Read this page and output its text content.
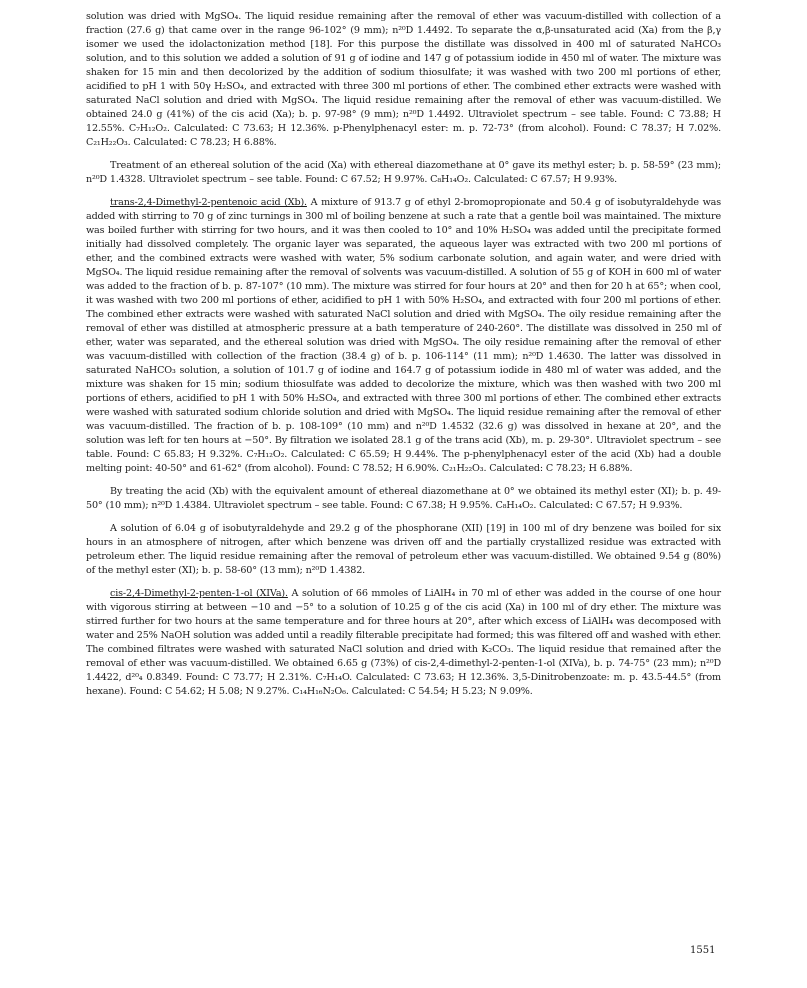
solution was dried with MgSO₄. The liquid residue remaining after the removal of ether was vacuum-distilled with collection of a fraction (27.6 g) that came over in the range 96-102° (9 mm); n²⁰D 1.4492. To separate the α,β-unsaturated acid (Xa) from the β,γ isomer we used the idolactonization method [18]. For this purpose the distillate was dissolved in 400 ml of saturated NaHCO₃ solution, and to this solution we added a solution of 91 g of iodine and 147 g of potassium iodide in 450 ml of water. The mixture was shaken for 15 min and then decolorized by the addition of sodium thiosulfate; it was washed with two 200 ml portions of ether, acidified to pH 1 with 50γ H₂SO₄, and extracted with three 300 ml portions of ether. The combined ether extracts were washed with saturated NaCl solution and dried with MgSO₄. The liquid residue remaining after the removal of ether was vacuum-distilled. We obtained 24.0 g (41%) of the cis acid (Xa); b. p. 97-98° (9 mm); n²⁰D 1.4492. Ultraviolet spectrum – see table. Found: C 73.88; H 12.55%. C₇H₁₂O₂. Calculated: C 73.63; H 12.36%. p-Phenylphenacyl ester: m. p. 72-73° (from alcohol). Found: C 78.37; H 7.02%. C₂₁H₂₂O₃. Calculated: C 78.23; H 6.88%.

Treatment of an ethereal solution of the acid (Xa) with ethereal diazomethane at 0° gave its methyl ester; b. p. 58-59° (23 mm); n²⁰D 1.4328. Ultraviolet spectrum – see table. Found: C 67.52; H 9.97%. C₈H₁₄O₂. Calculated: C 67.57; H 9.93%.

trans-2,4-Dimethyl-2-pentenoic acid (Xb). A mixture of 913.7 g of ethyl 2-bromopropionate and 50.4 g of isobutyraldehyde was added with stirring to 70 g of zinc turnings in 300 ml of boiling benzene at such a rate that a gentle boil was maintained. The mixture was boiled further with stirring for two hours, and it was then cooled to 10° and 10% H₂SO₄ was added until the precipitate formed initially had dissolved completely. The organic layer was separated, the aqueous layer was extracted with two 200 ml portions of ether, and the combined extracts were washed with water, 5% sodium carbonate solution, and again water, and were dried with MgSO₄. The liquid residue remaining after the removal of solvents was vacuum-distilled. A solution of 55 g of KOH in 600 ml of water was added to the fraction of b. p. 87-107° (10 mm). The mixture was stirred for four hours at 20° and then for 20 h at 65°; when cool, it was washed with two 200 ml portions of ether, acidified to pH 1 with 50% H₂SO₄, and extracted with four 200 ml portions of ether. The combined ether extracts were washed with saturated NaCl solution and dried with MgSO₄. The oily residue remaining after the removal of ether was distilled at atmospheric pressure at a bath temperature of 240-260°. The distillate was dissolved in 250 ml of ether, water was separated, and the ethereal solution was dried with MgSO₄. The oily residue remaining after the removal of ether was vacuum-distilled with collection of the fraction (38.4 g) of b. p. 106-114° (11 mm); n²⁰D 1.4630. The latter was dissolved in saturated NaHCO₃ solution, a solution of 101.7 g of iodine and 164.7 g of potassium iodide in 480 ml of water was added, and the mixture was shaken for 15 min; sodium thiosulfate was added to decolorize the mixture, which was then washed with two 200 ml portions of ethers, acidified to pH 1 with 50% H₂SO₄, and extracted with three 300 ml portions of ether. The combined ether extracts were washed with saturated sodium chloride solution and dried with MgSO₄. The liquid residue remaining after the removal of ether was vacuum-distilled. The fraction of b. p. 108-109° (10 mm) and n²⁰D 1.4532 (32.6 g) was dissolved in hexane at 20°, and the solution was left for ten hours at −50°. By filtration we isolated 28.1 g of the trans acid (Xb), m. p. 29-30°. Ultraviolet spectrum – see table. Found: C 65.83; H 9.32%. C₇H₁₂O₂. Calculated: C 65.59; H 9.44%. The p-phenylphenacyl ester of the acid (Xb) had a double melting point: 40-50° and 61-62° (from alcohol). Found: C 78.52; H 6.90%. C₂₁H₂₂O₃. Calculated: C 78.23; H 6.88%.

By treating the acid (Xb) with the equivalent amount of ethereal diazomethane at 0° we obtained its methyl ester (XI); b. p. 49-50° (10 mm); n²⁰D 1.4384. Ultraviolet spectrum – see table. Found: C 67.38; H 9.95%. C₈H₁₄O₂. Calculated: C 67.57; H 9.93%.

A solution of 6.04 g of isobutyraldehyde and 29.2 g of the phosphorane (XII) [19] in 100 ml of dry benzene was boiled for six hours in an atmosphere of nitrogen, after which benzene was driven off and the partially crystallized residue was extracted with petroleum ether. The liquid residue remaining after the removal of petroleum ether was vacuum-distilled. We obtained 9.54 g (80%) of the methyl ester (XI); b. p. 58-60° (13 mm); n²⁰D 1.4382.

cis-2,4-Dimethyl-2-penten-1-ol (XIVa). A solution of 66 mmoles of LiAlH₄ in 70 ml of ether was added in the course of one hour with vigorous stirring at between −10 and −5° to a solution of 10.25 g of the cis acid (Xa) in 100 ml of dry ether. The mixture was stirred further for two hours at the same temperature and for three hours at 20°, after which excess of LiAlH₄ was decomposed with water and 25% NaOH solution was added until a readily filterable precipitate had formed; this was filtered off and washed with ether. The combined filtrates were washed with saturated NaCl solution and dried with K₂CO₃. The liquid residue that remained after the removal of ether was vacuum-distilled. We obtained 6.65 g (73%) of cis-2,4-dimethyl-2-penten-1-ol (XIVa), b. p. 74-75° (23 mm); n²⁰D 1.4422, d²⁰₄ 0.8349. Found: C 73.77; H 2.31%. C₇H₁₄O. Calculated: C 73.63; H 12.36%. 3,5-Dinitrobenzoate: m. p. 43.5-44.5° (from hexane). Found: C 54.62; H 5.08; N 9.27%. C₁₄H₁₆N₂O₆. Calculated: C 54.54; H 5.23; N 9.09%.

1551
